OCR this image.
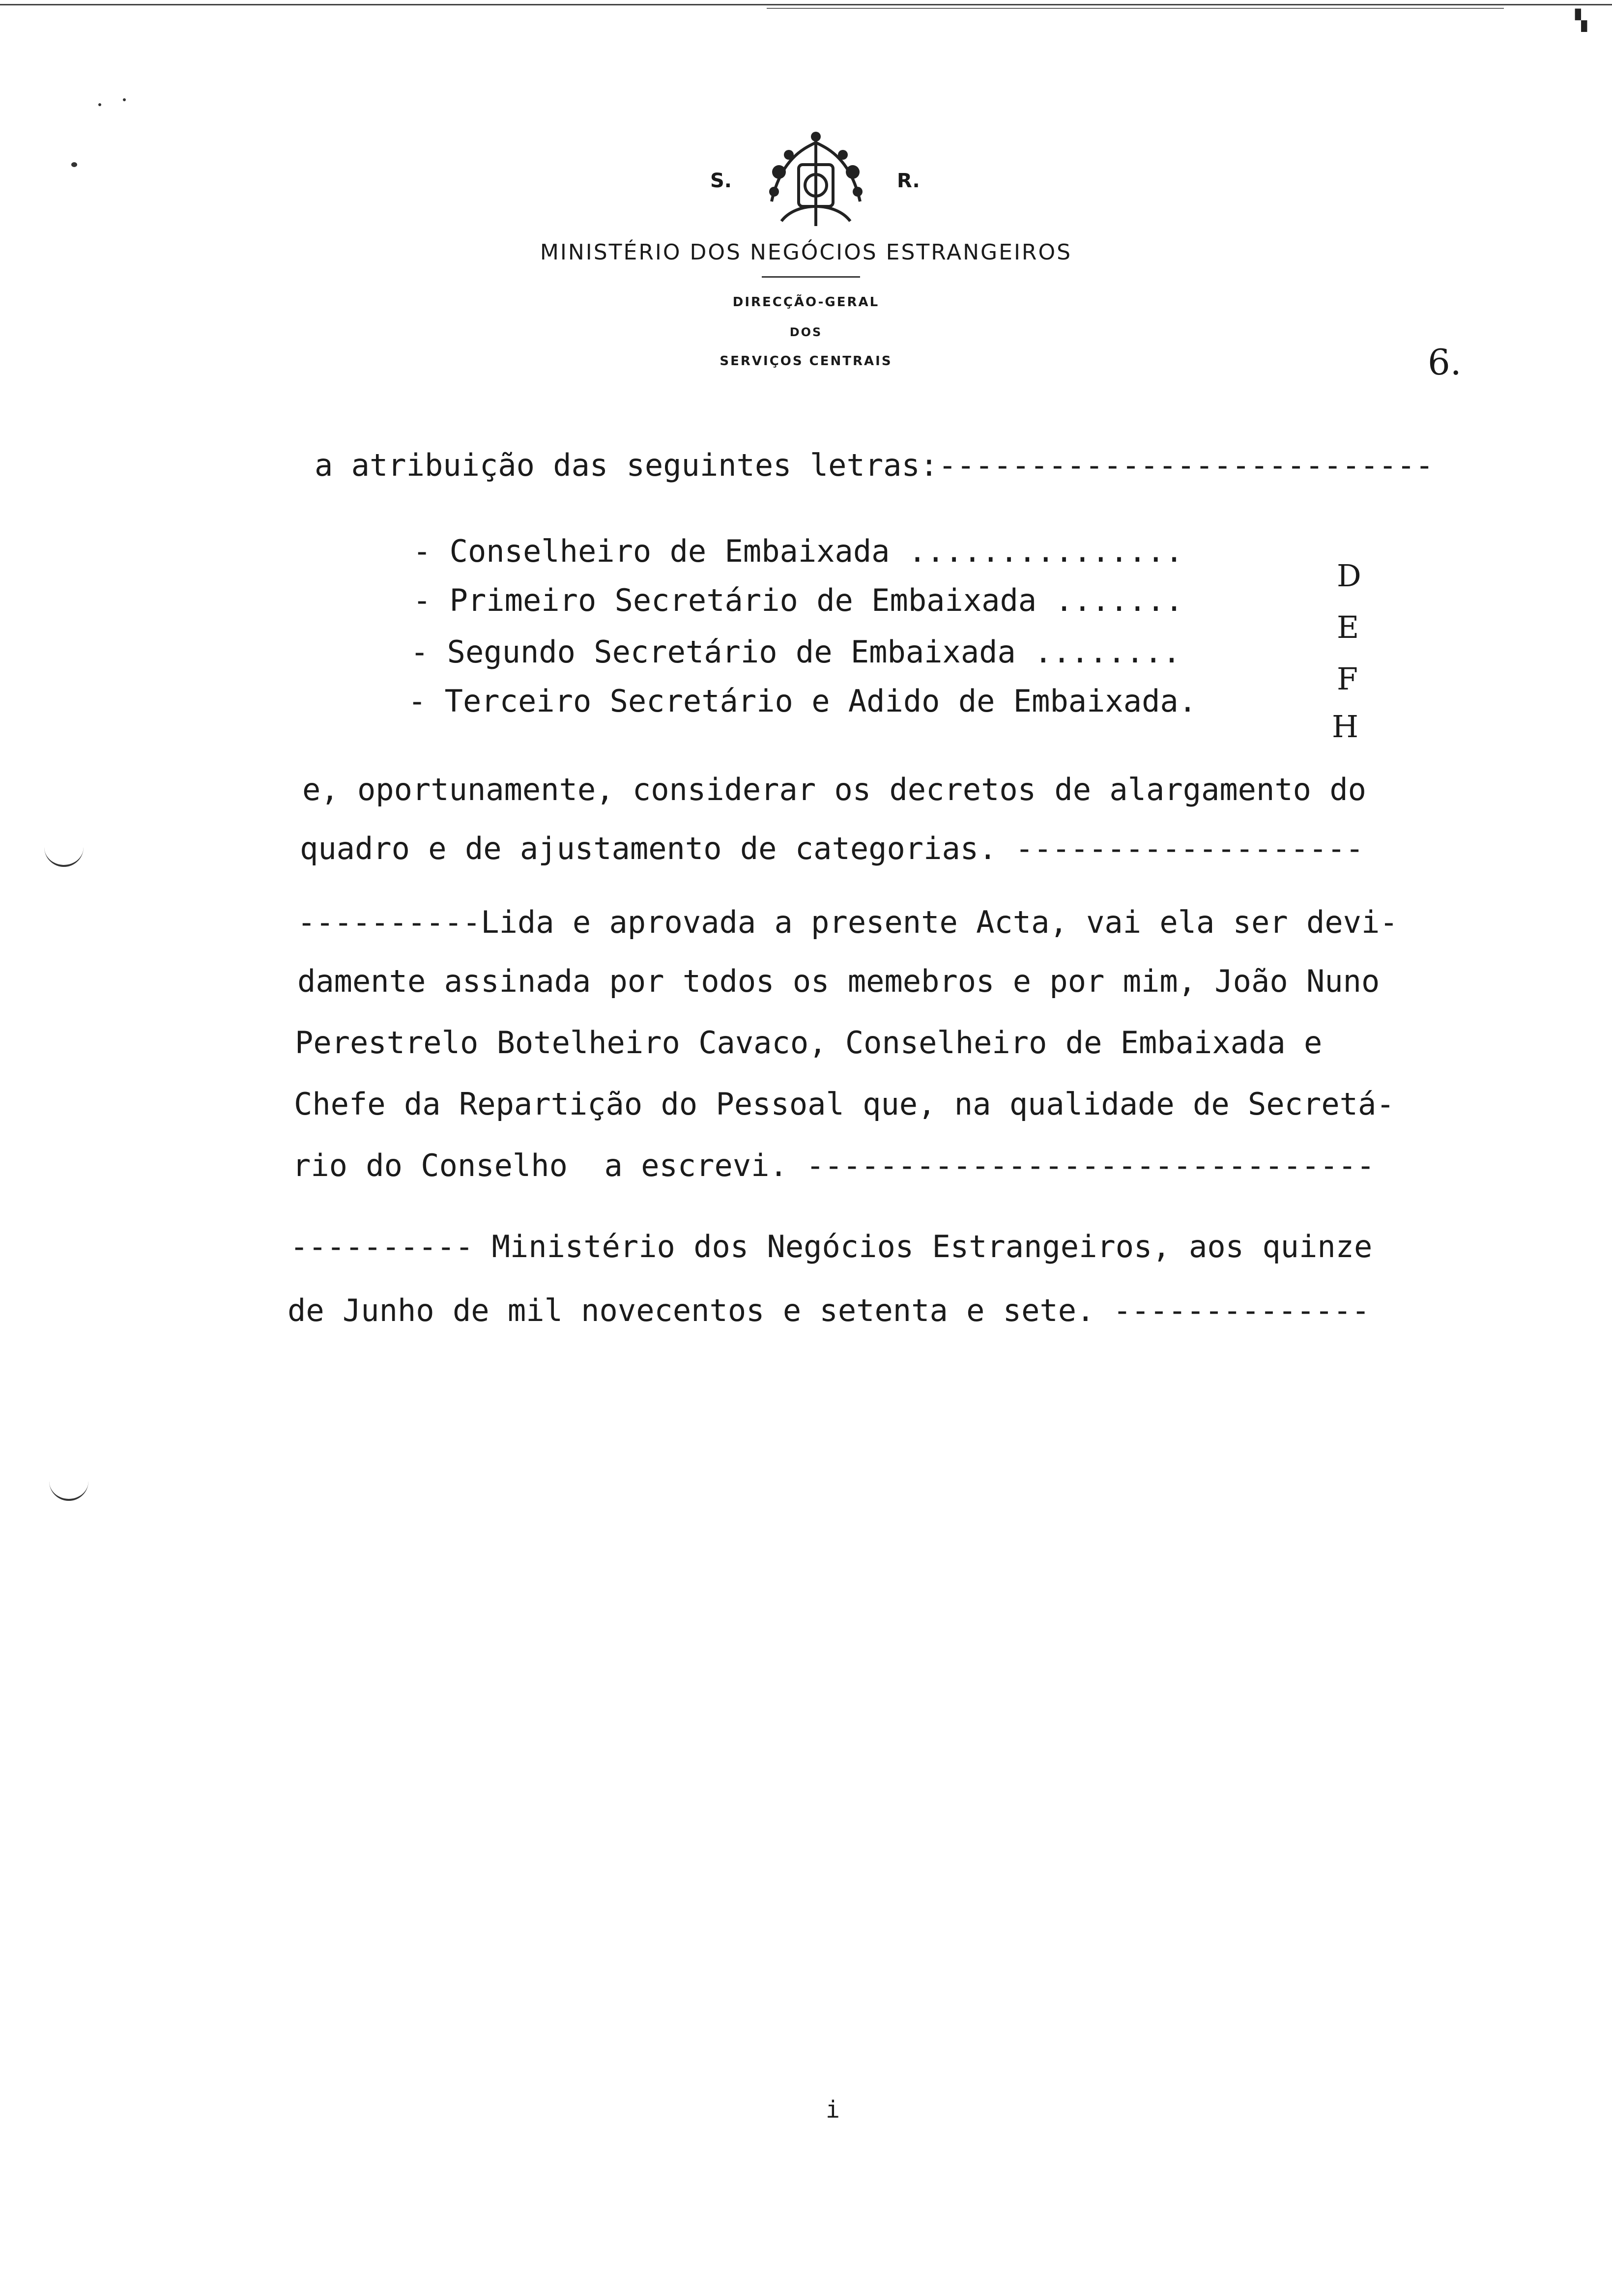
▚
S.	R.
MINISTÉRIO DOS NEGÓCIOS ESTRANGEIROS
DIRECÇÃO-GERAL
DOS
SERVIÇOS CENTRAIS	6.
a atribuição das seguintes letras:---------------------------
- Conselheiro de Embaixada ...............
D
- Primeiro Secretário de Embaixada .......
E
- Segundo Secretário de Embaixada ........
F
- Terceiro Secretário e Adido de Embaixada.
H
e, oportunamente, considerar os decretos de alargamento do
quadro e de ajustamento de categorias. -------------------
----------Lida e aprovada a presente Acta, vai ela ser devi-
damente assinada por todos os memebros e por mim, João Nuno
Perestrelo Botelheiro Cavaco, Conselheiro de Embaixada e
Chefe da Repartição do Pessoal que, na qualidade de Secretá-
rio do Conselho  a escrevi. -------------------------------
---------- Ministério dos Negócios Estrangeiros, aos quinze
de Junho de mil novecentos e setenta e sete. --------------
i
